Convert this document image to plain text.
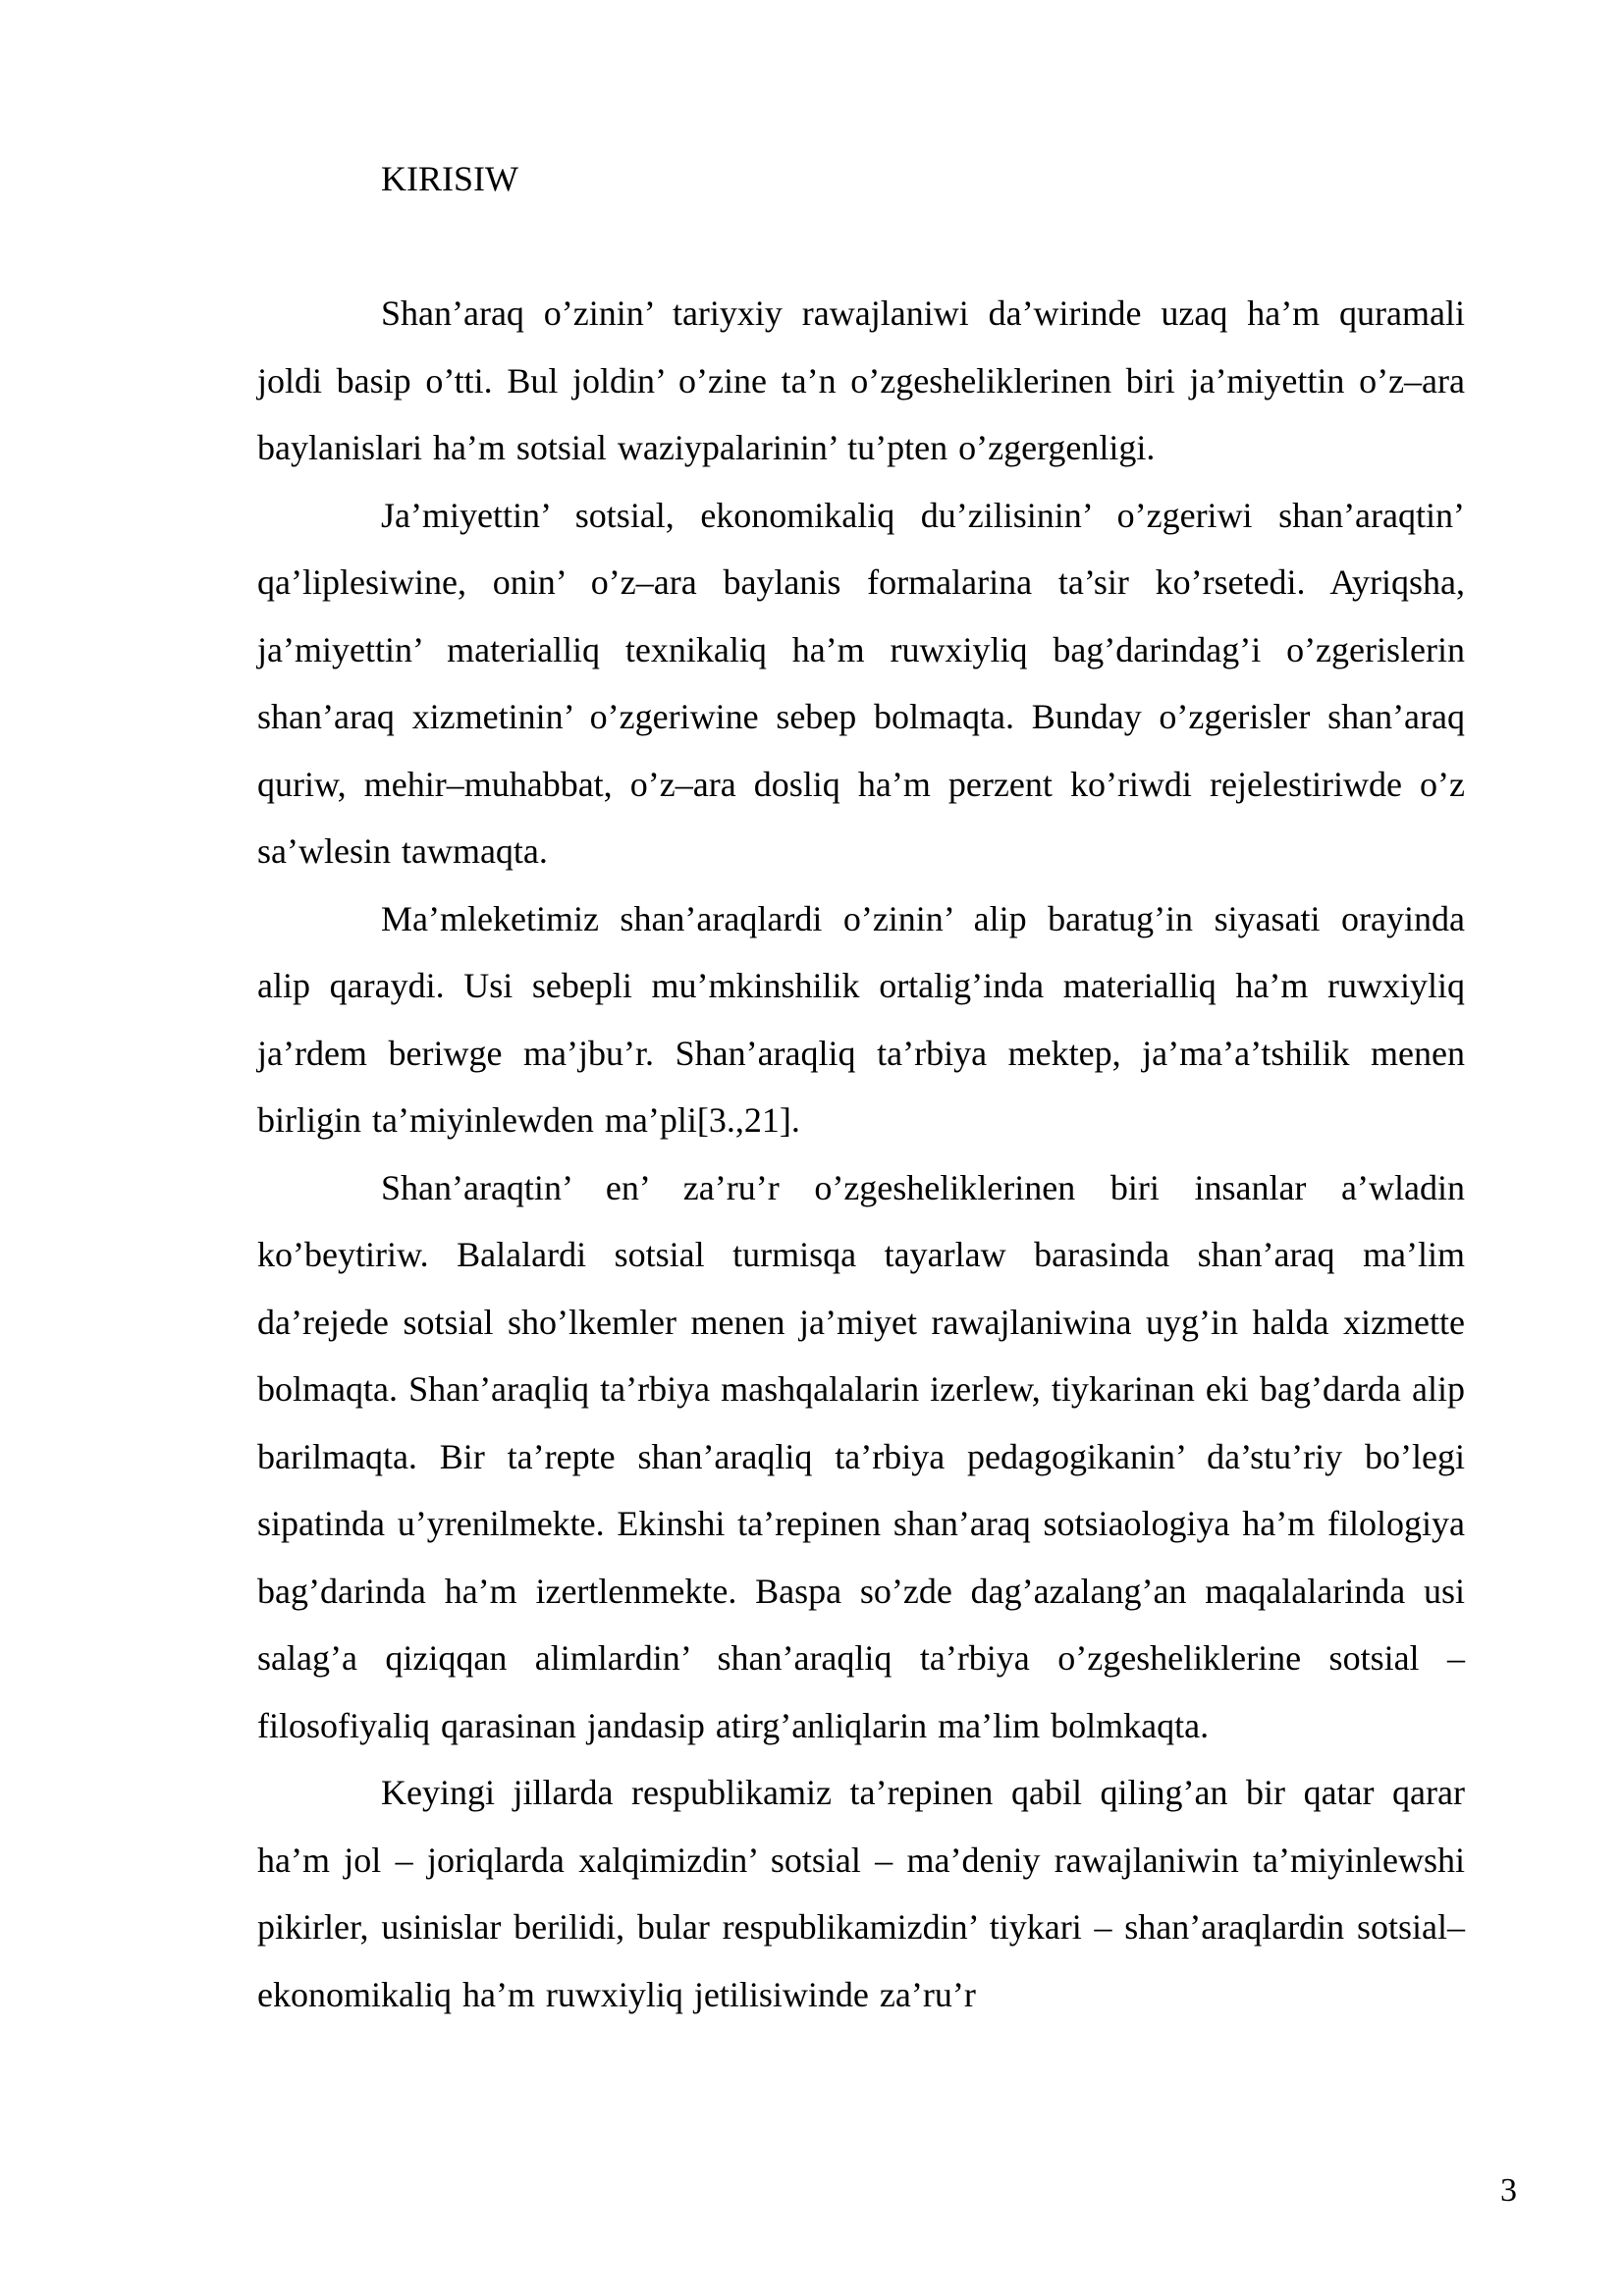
KIRISIW

Shan’araq o’zinin’ tariyxiy rawajlaniwi da’wirinde uzaq ha’m quramali joldi basip o’tti. Bul joldin’ o’zine ta’n o’zgesheliklerinen biri ja’miyettin o’z–ara baylanislari ha’m sotsial waziypalarinin’ tu’pten o’zgergenligi.

Ja’miyettin’ sotsial, ekonomikaliq du’zilisinin’ o’zgeriwi shan’araqtin’ qa’liplesiwine, onin’ o’z–ara baylanis formalarina ta’sir ko’rsetedi. Ayriqsha, ja’miyettin’ materialliq texnikaliq ha’m ruwxiyliq bag’darindag’i o’zgerislerin shan’araq xizmetinin’ o’zgeriwine sebep bolmaqta. Bunday o’zgerisler shan’araq quriw, mehir–muhabbat, o’z–ara dosliq ha’m perzent ko’riwdi rejelestiriwde o’z sa’wlesin tawmaqta.

Ma’mleketimiz shan’araqlardi o’zinin’ alip baratug’in siyasati orayinda alip qaraydi. Usi sebepli mu’mkinshilik ortalig’inda materialliq ha’m ruwxiyliq ja’rdem beriwge ma’jbu’r. Shan’araqliq ta’rbiya mektep, ja’ma’a’tshilik menen birligin ta’miyinlewden ma’pli[3.,21].

Shan’araqtin’ en’ za’ru’r o’zgesheliklerinen biri insanlar a’wladin ko’beytiriw. Balalardi sotsial turmisqa tayarlaw barasinda shan’araq ma’lim da’rejede sotsial sho’lkemler menen ja’miyet rawajlaniwina uyg’in halda xizmette bolmaqta. Shan’araqliq ta’rbiya mashqalalarin izerlew, tiykarinan eki bag’darda alip barilmaqta. Bir ta’repte shan’araqliq ta’rbiya pedagogikanin’ da’stu’riy bo’legi sipatinda u’yrenilmekte. Ekinshi ta’repinen shan’araq sotsiaologiya ha’m filologiya bag’darinda ha’m izertlenmekte. Baspa so’zde dag’azalang’an maqalalarinda usi salag’a qiziqqan alimlardin’ shan’araqliq ta’rbiya o’zgesheliklerine sotsial – filosofiyaliq qarasinan jandasip atirg’anliqlarin ma’lim bolmkaqta.

Keyingi jillarda respublikamiz ta’repinen qabil qiling’an bir qatar qarar ha’m jol – joriqlarda xalqimizdin’ sotsial – ma’deniy rawajlaniwin ta’miyinlewshi pikirler, usinislar berilidi, bular respublikamizdin’ tiykari – shan’araqlardin sotsial–ekonomikaliq ha’m ruwxiyliq jetilisiwinde za’ru’r

3
